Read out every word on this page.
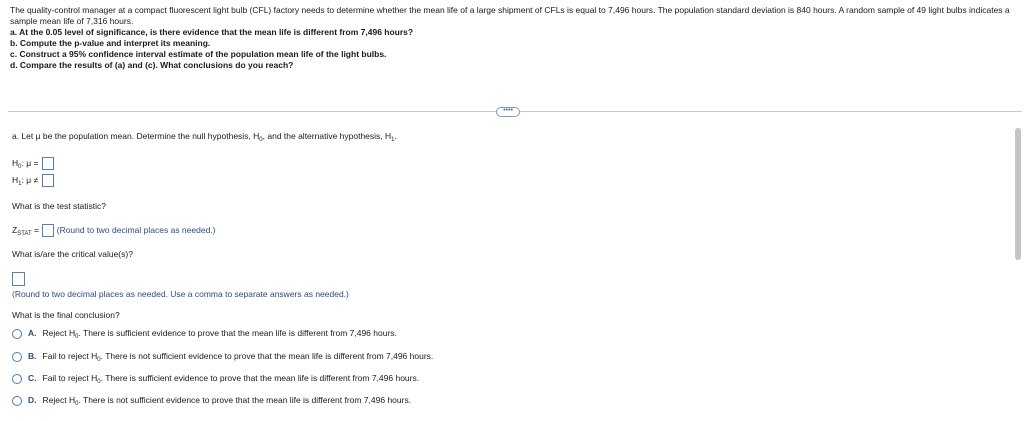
The quality-control manager at a compact fluorescent light bulb (CFL) factory needs to determine whether the mean life of a large shipment of CFLs is equal to 7,496 hours. The population standard deviation is 840 hours. A random sample of 49 light bulbs indicates a sample mean life of 7,316 hours.

a. At the 0.05 level of significance, is there evidence that the mean life is different from 7,496 hours?

b. Compute the p-value and interpret its meaning.

c. Construct a 95% confidence interval estimate of the population mean life of the light bulbs.

d. Compare the results of (a) and (c). What conclusions do you reach?

••••
a. Let μ be the population mean. Determine the null hypothesis, $H_0$, and the alternative hypothesis, $H_1$.
$H_0$: μ =
$H_1$: μ ≠
What is the test statistic?
$Z_{STAT}$ = (Round to two decimal places as needed.)
What is/are the critical value(s)?
(Round to two decimal places as needed. Use a comma to separate answers as needed.)
What is the final conclusion?
A. Reject $H_0$. There is sufficient evidence to prove that the mean life is different from 7,496 hours.
B. Fail to reject $H_0$. There is not sufficient evidence to prove that the mean life is different from 7,496 hours.
C. Fail to reject $H_0$. There is sufficient evidence to prove that the mean life is different from 7,496 hours.
D. Reject $H_0$. There is not sufficient evidence to prove that the mean life is different from 7,496 hours.
